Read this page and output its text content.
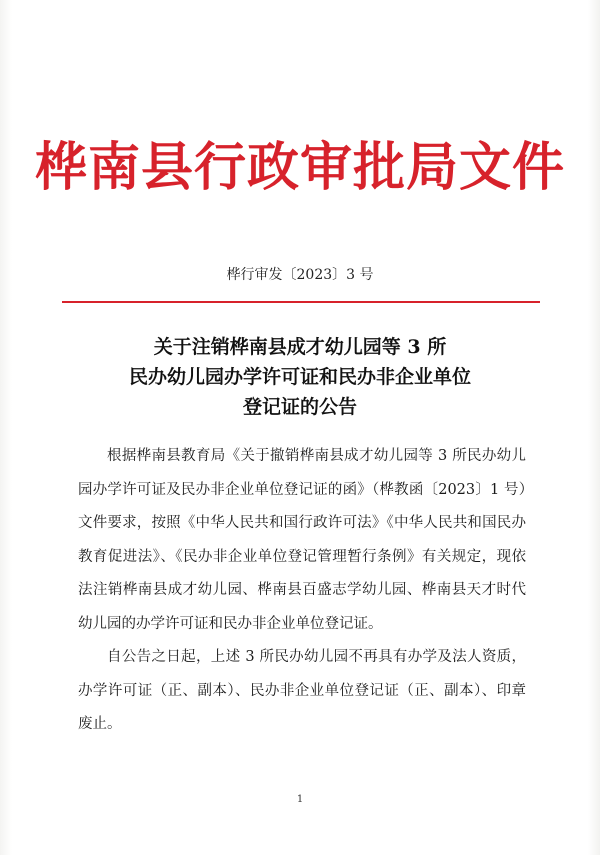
桦南县行政审批局文件
桦行审发〔2023〕3 号
关于注销桦南县成才幼儿园等 3 所
民办幼儿园办学许可证和民办非企业单位
登记证的公告

根据桦南县教育局《关于撤销桦南县成才幼儿园等 3 所民办幼儿园办学许可证及民办非企业单位登记证的函》（桦教函〔2023〕1 号）文件要求，按照《中华人民共和国行政许可法》《中华人民共和国民办教育促进法》、《民办非企业单位登记管理暂行条例》有关规定，现依法注销桦南县成才幼儿园、桦南县百盛志学幼儿园、桦南县天才时代幼儿园的办学许可证和民办非企业单位登记证。

自公告之日起，上述 3 所民办幼儿园不再具有办学及法人资质，办学许可证（正、副本）、民办非企业单位登记证（正、副本）、印章废止。

1
